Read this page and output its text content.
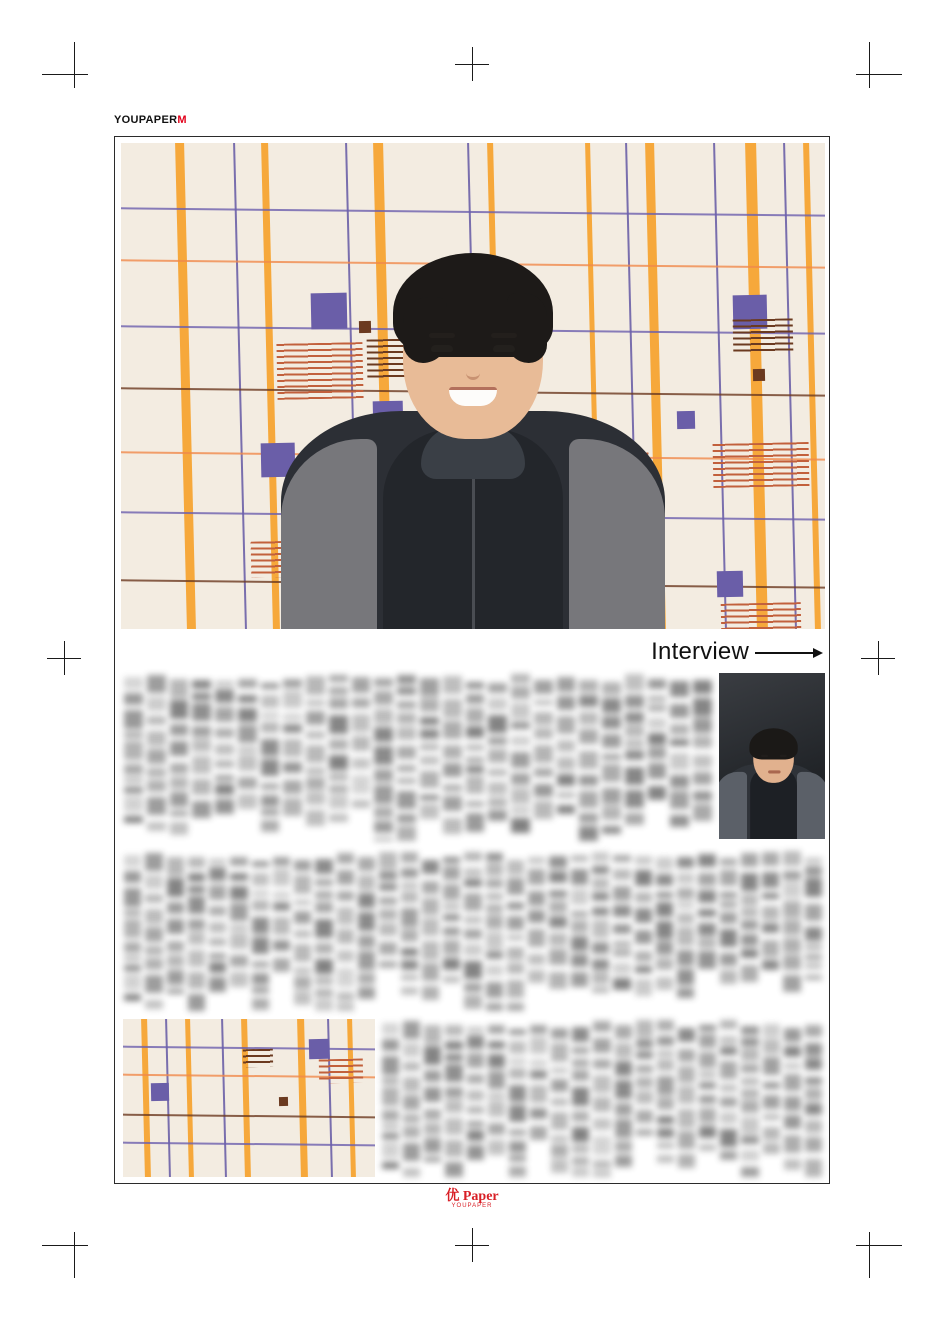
YOUPAPERM
Interview
优 Paper
YOUPAPER
